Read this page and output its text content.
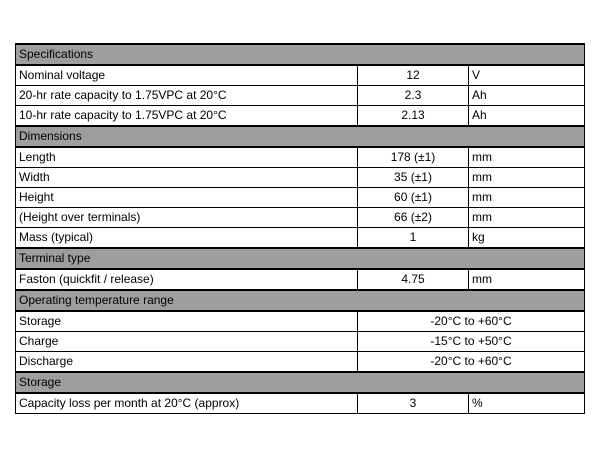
Specifications		
Nominal voltage	12	V
20-hr rate capacity to 1.75VPC at 20°C	2.3	Ah
10-hr rate capacity to 1.75VPC at 20°C	2.13	Ah
Dimensions		
Length	178 (±1)	mm
Width	35 (±1)	mm
Height	60 (±1)	mm
(Height over terminals)	66 (±2)	mm
Mass (typical)	1	kg
Terminal type		
Faston (quickfit / release)	4.75	mm
Operating temperature range		
Storage	-20°C to +60°C	
Charge	-15°C to +50°C	
Discharge	-20°C to +60°C	
Storage		
Capacity loss per month at 20°C (approx)	3	%
